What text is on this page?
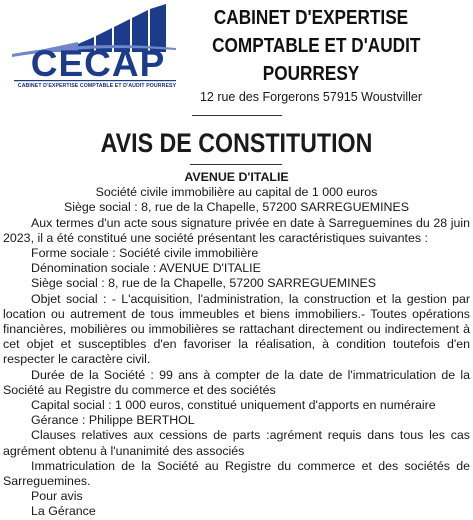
CECAP
CABINET D'EXPERTISE COMPTABLE ET D'AUDIT POURRESY
CABINET D'EXPERTISE
COMPTABLE ET D'AUDIT
POURRESY
12 rue des Forgerons 57915 Woustviller
AVIS DE CONSTITUTION
AVENUE D'ITALIE
Société civile immobilière au capital de 1 000 euros
Siège social : 8, rue de la Chapelle, 57200 SARREGUEMINES

Aux termes d'un acte sous signature privée en date à Sarreguemines du 28 juin 2023, il a été constitué une société présentant les caractéristiques suivantes :

Forme sociale : Société civile immobilière

Dénomination sociale : AVENUE D'ITALIE

Siège social : 8, rue de la Chapelle, 57200 SARREGUEMINES

Objet social : - L'acquisition, l'administration, la construction et la gestion par location ou autrement de tous immeubles et biens immobiliers.- Toutes opérations financières, mobilières ou immobilières se rattachant directement ou indirectement à cet objet et susceptibles d'en favoriser la réalisation, à condition toutefois d'en respecter le caractère civil.

Durée de la Société : 99 ans à compter de la date de l'immatriculation de la Société au Registre du commerce et des sociétés

Capital social : 1 000 euros, constitué uniquement d'apports en numéraire

Gérance : Philippe BERTHOL

Clauses relatives aux cessions de parts :agrément requis dans tous les cas agrément obtenu à l'unanimité des associés

Immatriculation de la Société au Registre du commerce et des sociétés de Sarreguemines.

Pour avis

La Gérance
